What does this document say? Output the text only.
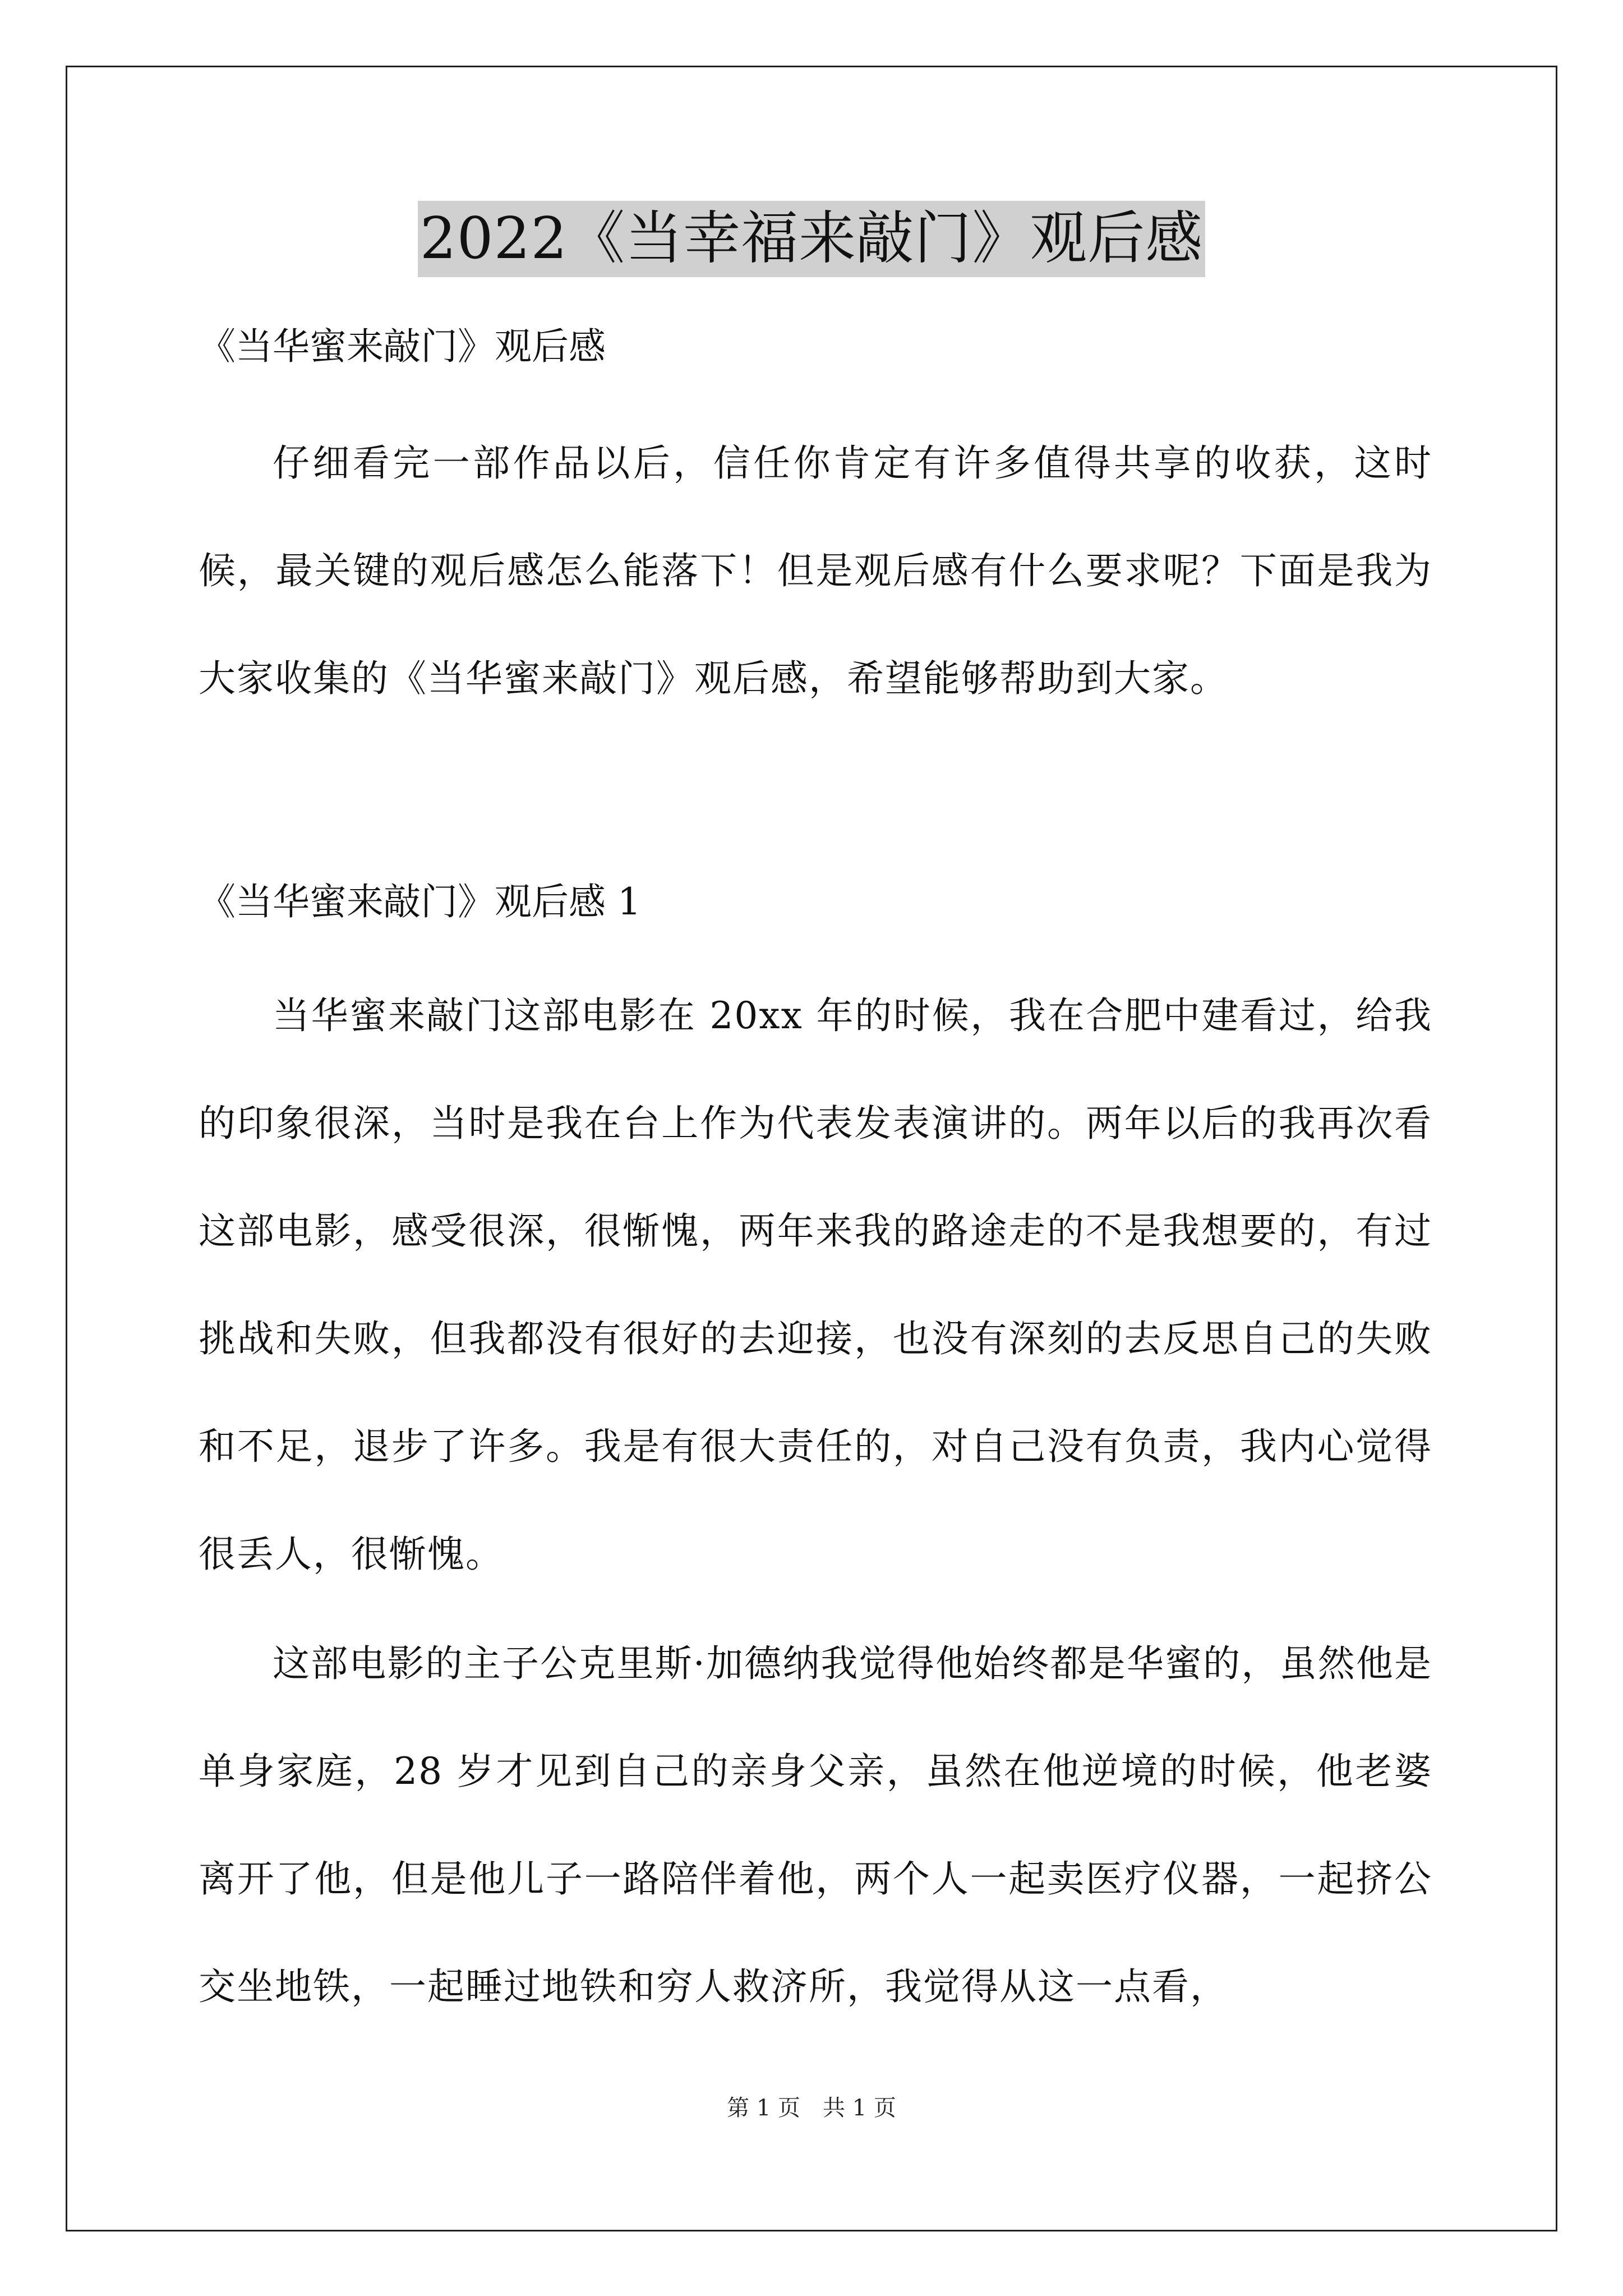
2022《当幸福来敲门》观后感
《当华蜜来敲门》观后感

仔细看完一部作品以后，信任你肯定有许多值得共享的收获，这时候，最关键的观后感怎么能落下！但是观后感有什么要求呢？下面是我为大家收集的《当华蜜来敲门》观后感，希望能够帮助到大家。

《当华蜜来敲门》观后感 1

当华蜜来敲门这部电影在 20xx 年的时候，我在合肥中建看过，给我的印象很深，当时是我在台上作为代表发表演讲的。两年以后的我再次看这部电影，感受很深，很惭愧，两年来我的路途走的不是我想要的，有过挑战和失败，但我都没有很好的去迎接，也没有深刻的去反思自己的失败和不足，退步了许多。我是有很大责任的，对自己没有负责，我内心觉得很丢人，很惭愧。

这部电影的主子公克里斯·加德纳我觉得他始终都是华蜜的，虽然他是单身家庭，28 岁才见到自己的亲身父亲，虽然在他逆境的时候，他老婆离开了他，但是他儿子一路陪伴着他，两个人一起卖医疗仪器，一起挤公交坐地铁，一起睡过地铁和穷人救济所，我觉得从这一点看，

第 1 页　共 1 页
